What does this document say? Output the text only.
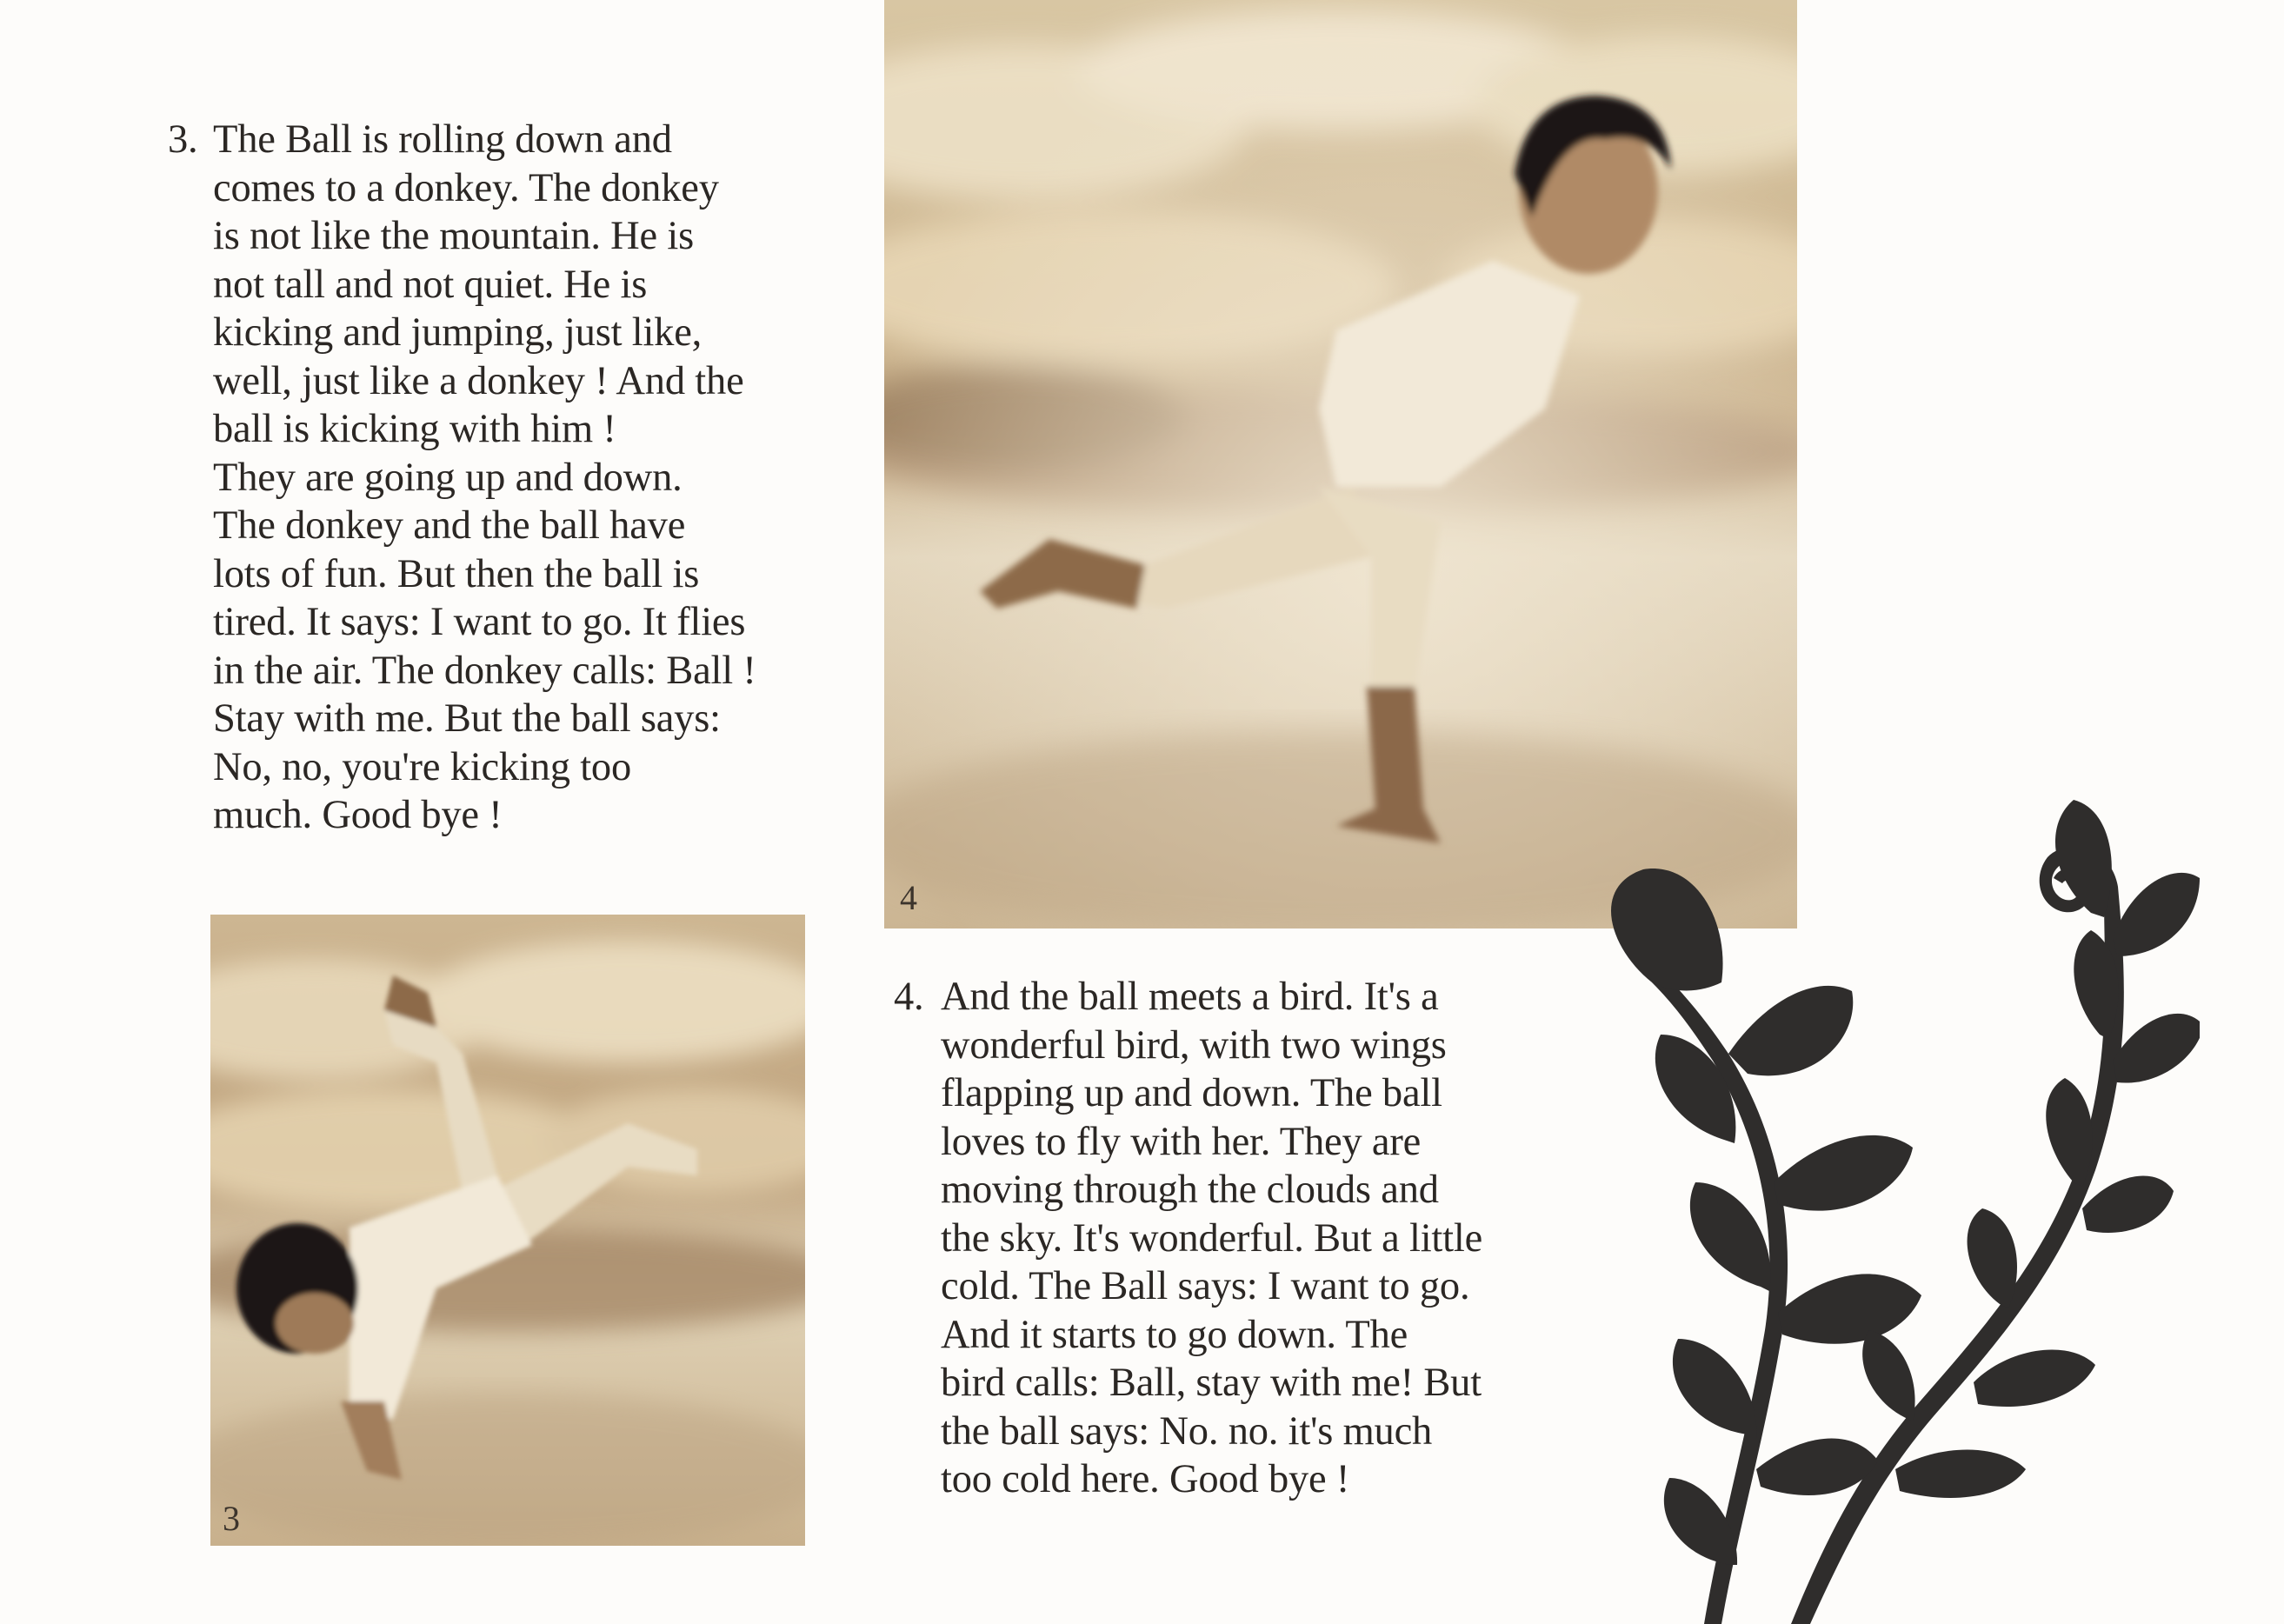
3. The Ball is rolling down and
comes to a donkey. The donkey
is not like the mountain. He is
not tall and not quiet. He is
kicking and jumping, just like,
well, just like a donkey ! And the
ball is kicking with him !
They are going up and down.
The donkey and the ball have
lots of fun. But then the ball is
tired. It says: I want to go. It flies
in the air. The donkey calls: Ball !
Stay with me. But the ball says:
No, no, you're kicking too
much. Good bye !
4
3
4. And the ball meets a bird. It's a
wonderful bird, with two wings
flapping up and down. The ball
loves to fly with her. They are
moving through the clouds and
the sky. It's wonderful. But a little
cold. The Ball says: I want to go.
And it starts to go down. The
bird calls: Ball, stay with me! But
the ball says: No. no. it's much
too cold here. Good bye !
